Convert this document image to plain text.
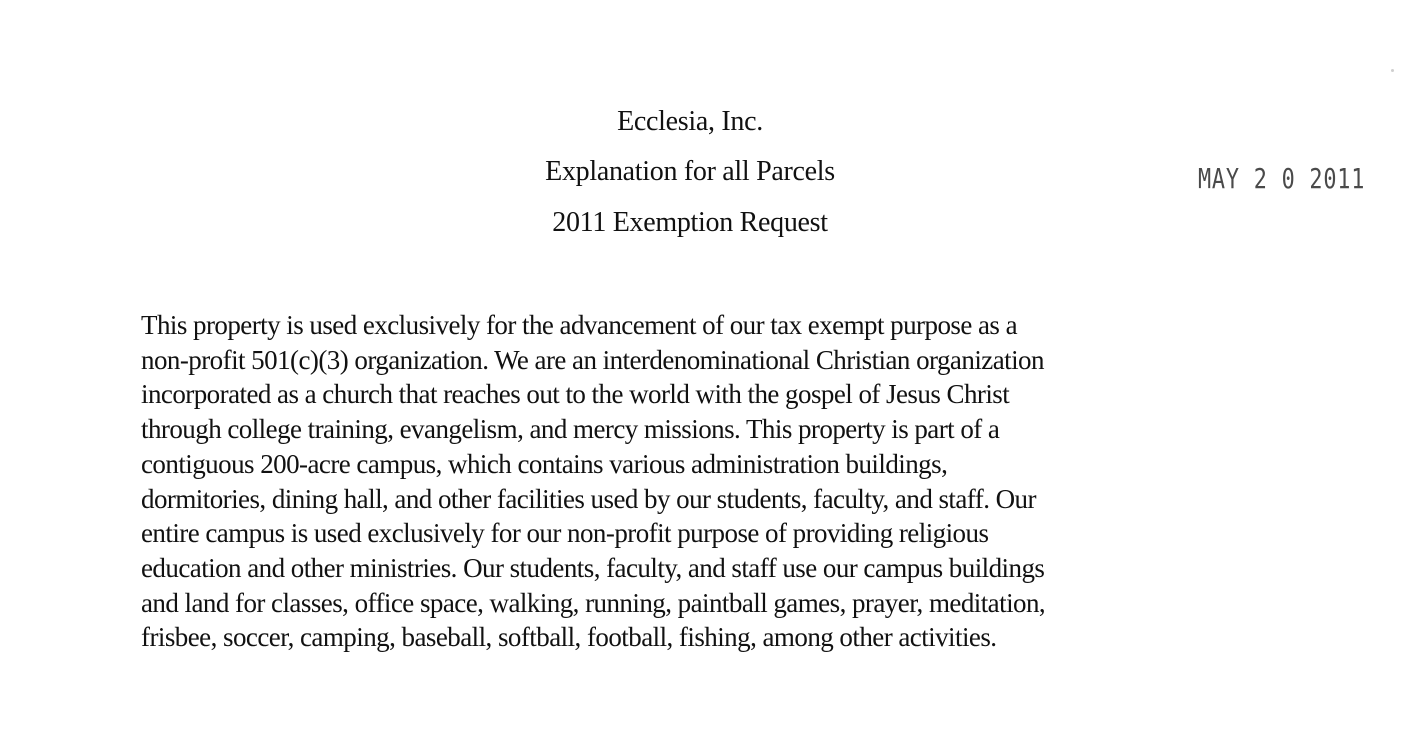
Ecclesia, Inc.
Explanation for all Parcels
2011 Exemption Request
MAY 2 0 2011
This property is used exclusively for the advancement of our tax exempt purpose as a
non-profit 501(c)(3) organization. We are an interdenominational Christian organization
incorporated as a church that reaches out to the world with the gospel of Jesus Christ
through college training, evangelism, and mercy missions. This property is part of a
contiguous 200-acre campus, which contains various administration buildings,
dormitories, dining hall, and other facilities used by our students, faculty, and staff. Our
entire campus is used exclusively for our non-profit purpose of providing religious
education and other ministries. Our students, faculty, and staff use our campus buildings
and land for classes, office space, walking, running, paintball games, prayer, meditation,
frisbee, soccer, camping, baseball, softball, football, fishing, among other activities.
